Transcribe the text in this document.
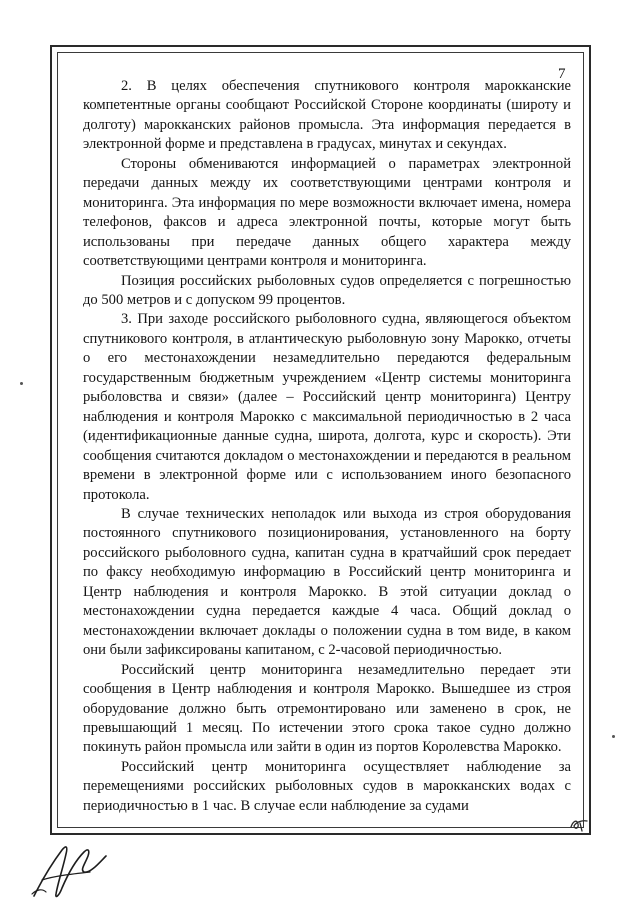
7

2. В целях обеспечения спутникового контроля марокканские компетентные органы сообщают Российской Стороне координаты (широту и долготу) марокканских районов промысла. Эта информация передается в электронной форме и представлена в градусах, минутах и секундах.

Стороны обмениваются информацией о параметрах электронной передачи данных между их соответствующими центрами контроля и мониторинга. Эта информация по мере возможности включает имена, номера телефонов, факсов и адреса электронной почты, которые могут быть использованы при передаче данных общего характера между соответствующими центрами контроля и мониторинга.

Позиция российских рыболовных судов определяется с погрешностью до 500 метров и с допуском 99 процентов.

3. При заходе российского рыболовного судна, являющегося объектом спутникового контроля, в атлантическую рыболовную зону Марокко, отчеты о его местонахождении незамедлительно передаются федеральным государственным бюджетным учреждением «Центр системы мониторинга рыболовства и связи» (далее – Российский центр мониторинга) Центру наблюдения и контроля Марокко с максимальной периодичностью в 2 часа (идентификационные данные судна, широта, долгота, курс и скорость). Эти сообщения считаются докладом о местонахождении и передаются в реальном времени в электронной форме или с использованием иного безопасного протокола.

В случае технических неполадок или выхода из строя оборудования постоянного спутникового позиционирования, установленного на борту российского рыболовного судна, капитан судна в кратчайший срок передает по факсу необходимую информацию в Российский центр мониторинга и Центр наблюдения и контроля Марокко. В этой ситуации доклад о местонахождении судна передается каждые 4 часа. Общий доклад о местонахождении включает доклады о положении судна в том виде, в каком они были зафиксированы капитаном, с 2-часовой периодичностью.

Российский центр мониторинга незамедлительно передает эти сообщения в Центр наблюдения и контроля Марокко. Вышедшее из строя оборудование должно быть отремонтировано или заменено в срок, не превышающий 1 месяц. По истечении этого срока такое судно должно покинуть район промысла или зайти в один из портов Королевства Марокко.

Российский центр мониторинга осуществляет наблюдение за перемещениями российских рыболовных судов в марокканских водах с периодичностью в 1 час. В случае если наблюдение за судами
